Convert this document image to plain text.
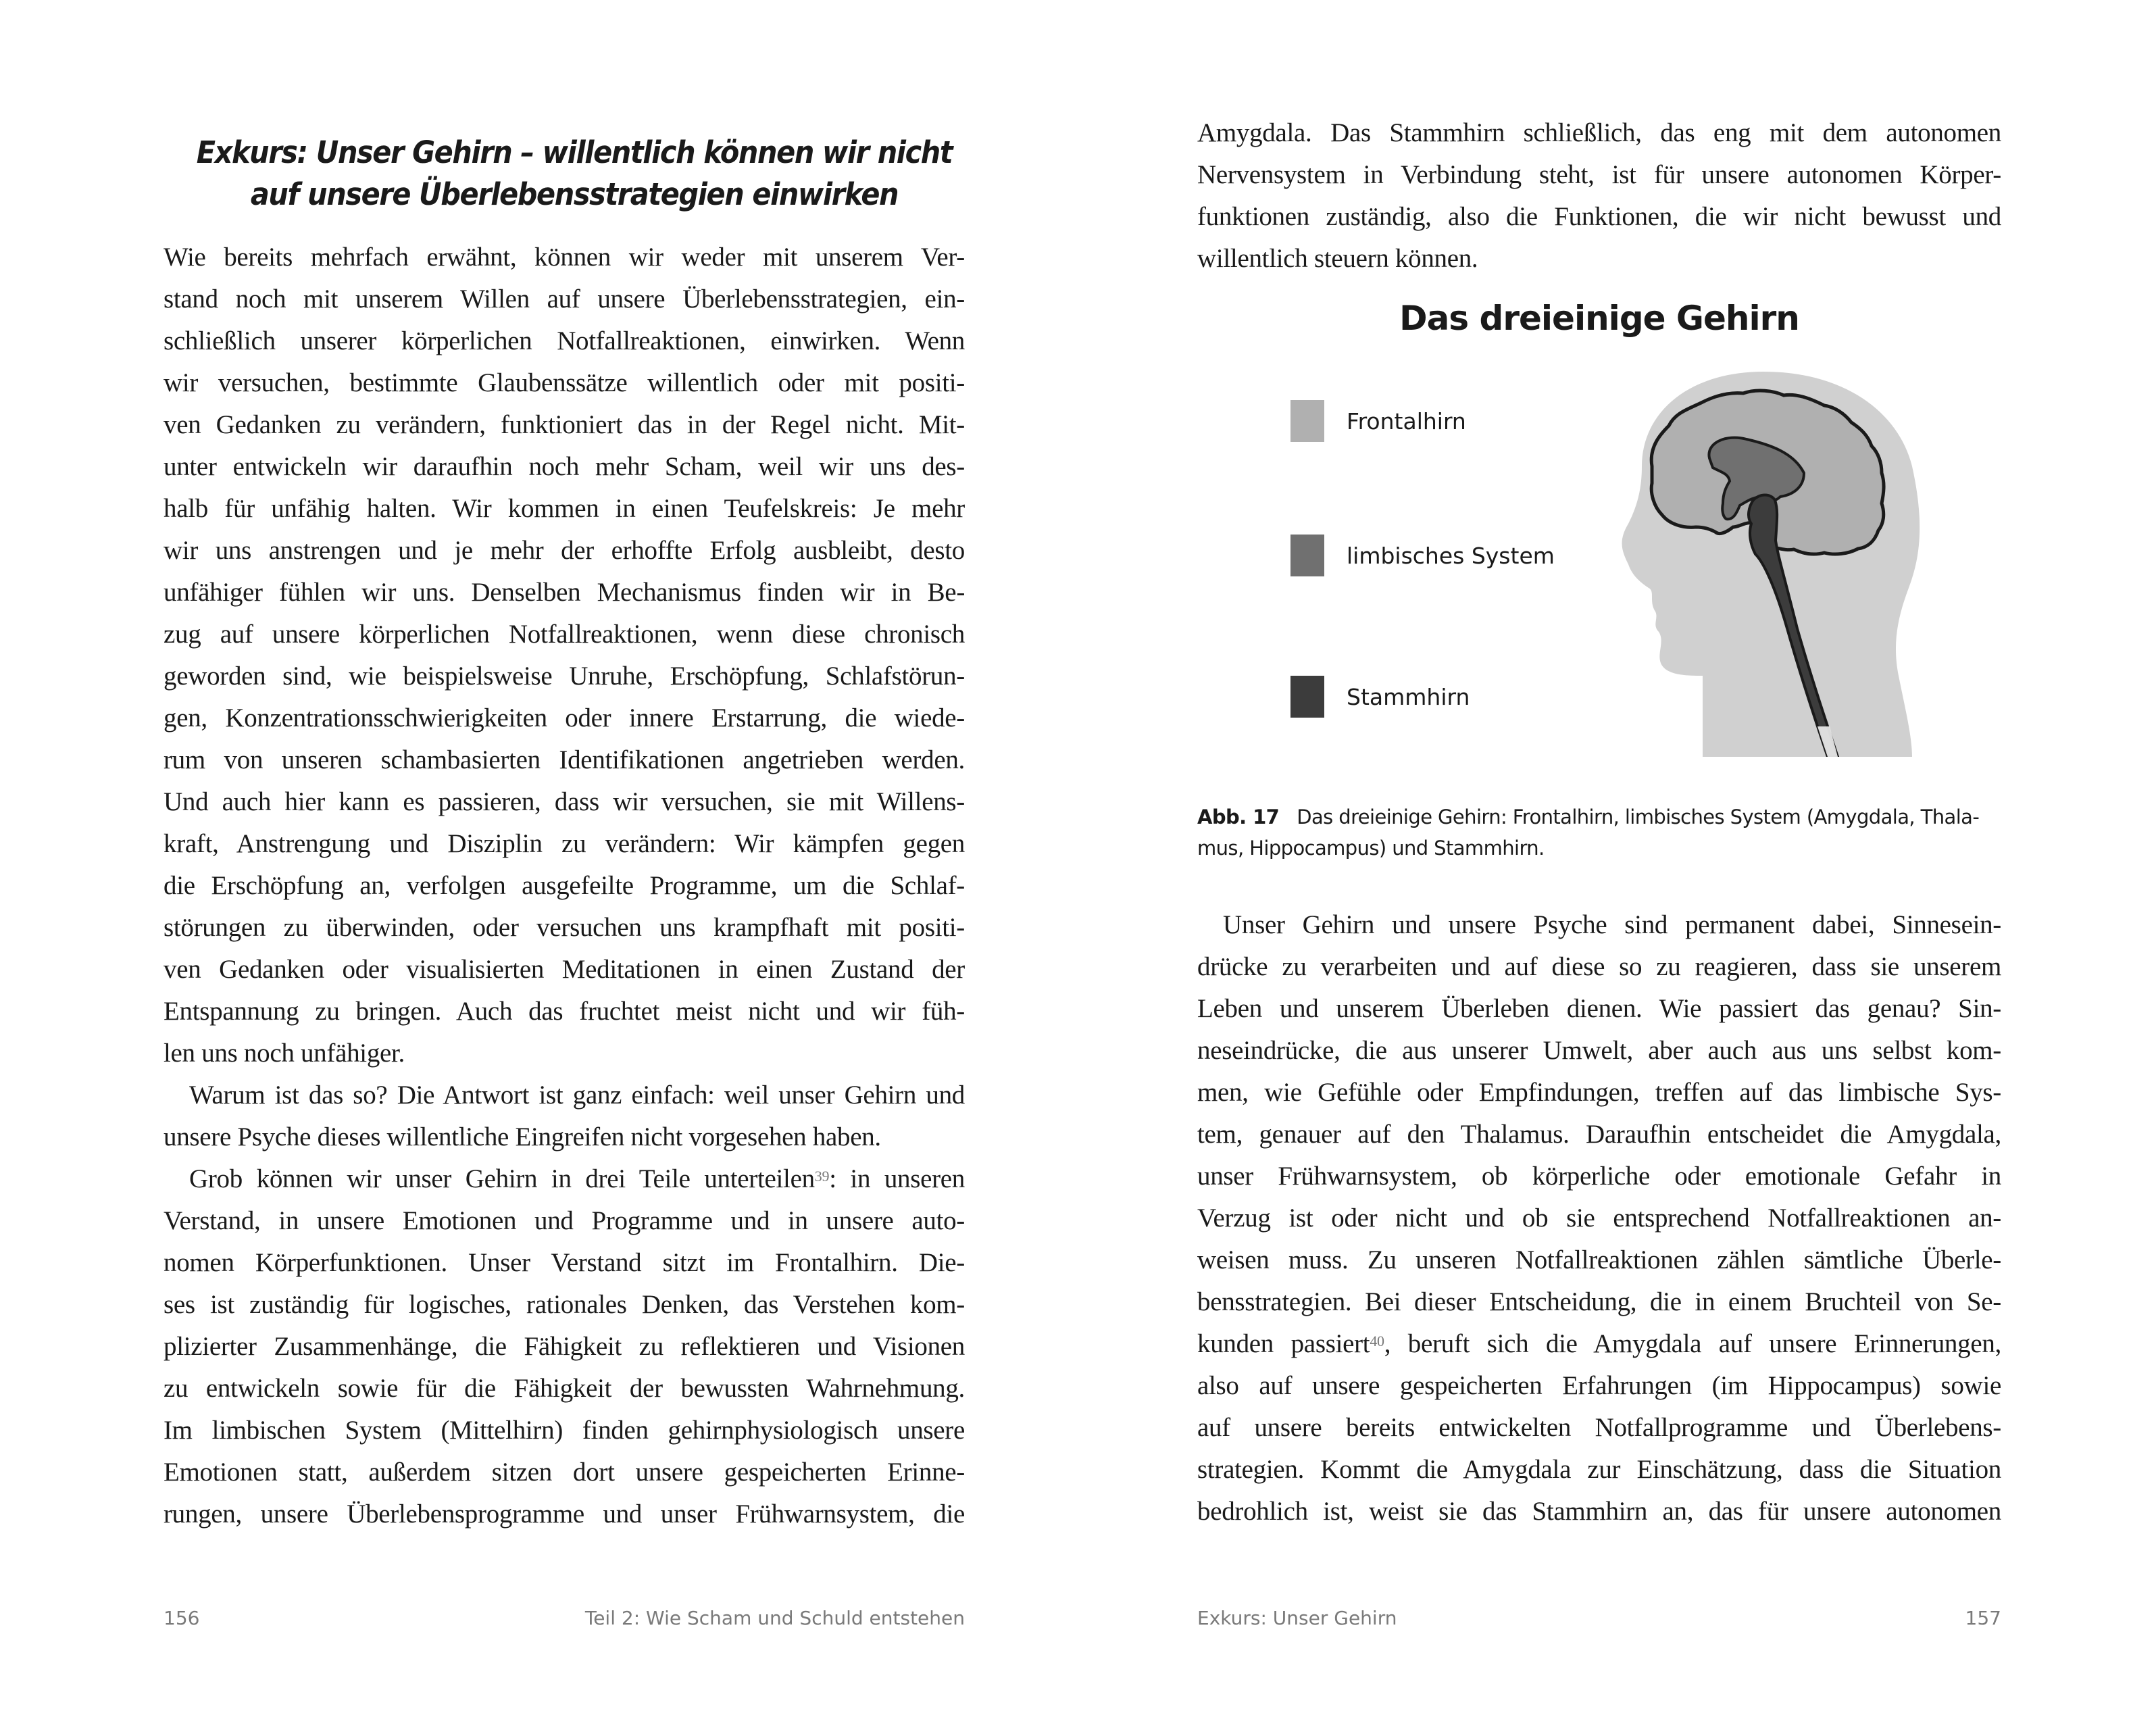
Exkurs: Unser Gehirn – willentlich können wir nicht
auf unsere Überlebensstrategien einwirken
Wie bereits mehrfach erwähnt, können wir weder mit unserem Ver-
stand noch mit unserem Willen auf unsere Überlebensstrategien, ein-
schließlich unserer körperlichen Notfallreaktionen, einwirken. Wenn
wir versuchen, bestimmte Glaubenssätze willentlich oder mit positi-
ven Gedanken zu verändern, funktioniert das in der Regel nicht. Mit-
unter entwickeln wir daraufhin noch mehr Scham, weil wir uns des-
halb für unfähig halten. Wir kommen in einen Teufelskreis: Je mehr
wir uns anstrengen und je mehr der erhoffte Erfolg ausbleibt, desto
unfähiger fühlen wir uns. Denselben Mechanismus finden wir in Be-
zug auf unsere körperlichen Notfallreaktionen, wenn diese chronisch
geworden sind, wie beispielsweise Unruhe, Erschöpfung, Schlafstörun-
gen, Konzentrationsschwierigkeiten oder innere Erstarrung, die wiede-
rum von unseren schambasierten Identifikationen angetrieben werden.
Und auch hier kann es passieren, dass wir versuchen, sie mit Willens-
kraft, Anstrengung und Disziplin zu verändern: Wir kämpfen gegen
die Erschöpfung an, verfolgen ausgefeilte Programme, um die Schlaf-
störungen zu überwinden, oder versuchen uns krampfhaft mit positi-
ven Gedanken oder visualisierten Meditationen in einen Zustand der
Entspannung zu bringen. Auch das fruchtet meist nicht und wir füh-
len uns noch unfähiger.
Warum ist das so? Die Antwort ist ganz einfach: weil unser Gehirn und
unsere Psyche dieses willentliche Eingreifen nicht vorgesehen haben.
Grob können wir unser Gehirn in drei Teile unterteilen$^{39}$: in unseren
Verstand, in unsere Emotionen und Programme und in unsere auto-
nomen Körperfunktionen. Unser Verstand sitzt im Frontalhirn. Die-
ses ist zuständig für logisches, rationales Denken, das Verstehen kom-
plizierter Zusammenhänge, die Fähigkeit zu reflektieren und Visionen
zu entwickeln sowie für die Fähigkeit der bewussten Wahrnehmung.
Im limbischen System (Mittelhirn) finden gehirnphysiologisch unsere
Emotionen statt, außerdem sitzen dort unsere gespeicherten Erinne-
rungen, unsere Überlebensprogramme und unser Frühwarnsystem, die
156	Teil 2: Wie Scham und Schuld entstehen
Amygdala. Das Stammhirn schließlich, das eng mit dem autonomen
Nervensystem in Verbindung steht, ist für unsere autonomen Körper-
funktionen zuständig, also die Funktionen, die wir nicht bewusst und
willentlich steuern können.
Das dreieinige Gehirn
Frontalhirn
limbisches System
Stammhirn
Abb. 17 Das dreieinige Gehirn: Frontalhirn, limbisches System (Amygdala, Thala-
mus, Hippocampus) und Stammhirn.
Unser Gehirn und unsere Psyche sind permanent dabei, Sinnesein-
drücke zu verarbeiten und auf diese so zu reagieren, dass sie unserem
Leben und unserem Überleben dienen. Wie passiert das genau? Sin-
neseindrücke, die aus unserer Umwelt, aber auch aus uns selbst kom-
men, wie Gefühle oder Empfindungen, treffen auf das limbische Sys-
tem, genauer auf den Thalamus. Daraufhin entscheidet die Amygdala,
unser Frühwarnsystem, ob körperliche oder emotionale Gefahr in
Verzug ist oder nicht und ob sie entsprechend Notfallreaktionen an-
weisen muss. Zu unseren Notfallreaktionen zählen sämtliche Überle-
bensstrategien. Bei dieser Entscheidung, die in einem Bruchteil von Se-
kunden passiert$^{40}$, beruft sich die Amygdala auf unsere Erinnerungen,
also auf unsere gespeicherten Erfahrungen (im Hippocampus) sowie
auf unsere bereits entwickelten Notfallprogramme und Überlebens-
strategien. Kommt die Amygdala zur Einschätzung, dass die Situation
bedrohlich ist, weist sie das Stammhirn an, das für unsere autonomen
Exkurs: Unser Gehirn	157
